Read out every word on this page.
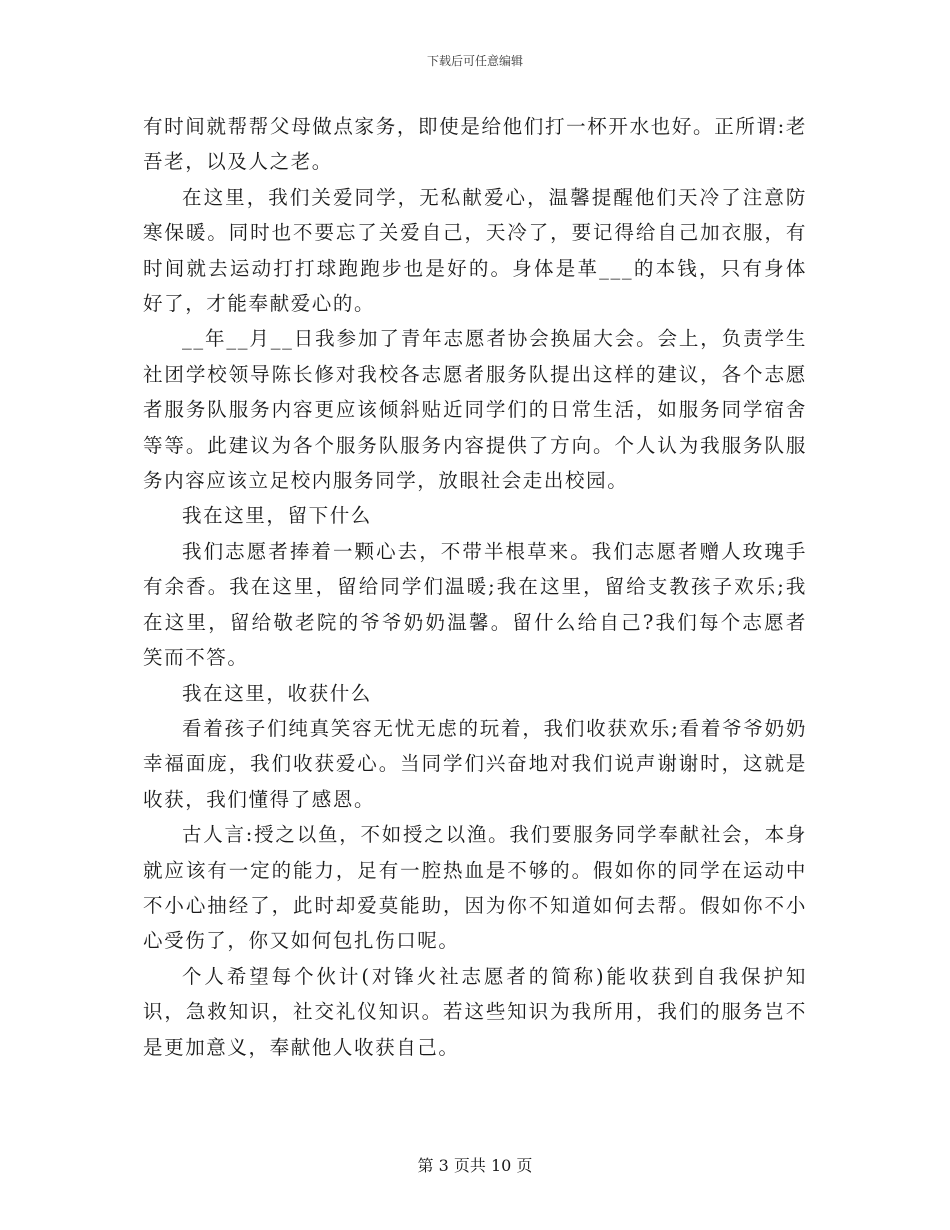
下载后可任意编辑

有时间就帮帮父母做点家务，即使是给他们打一杯开水也好。正所谓:老吾老，以及人之老。

在这里，我们关爱同学，无私献爱心，温馨提醒他们天冷了注意防寒保暖。同时也不要忘了关爱自己，天冷了，要记得给自己加衣服，有时间就去运动打打球跑跑步也是好的。身体是革___的本钱，只有身体好了，才能奉献爱心的。

__年__月__日我参加了青年志愿者协会换届大会。会上，负责学生社团学校领导陈长修对我校各志愿者服务队提出这样的建议，各个志愿者服务队服务内容更应该倾斜贴近同学们的日常生活，如服务同学宿舍等等。此建议为各个服务队服务内容提供了方向。个人认为我服务队服务内容应该立足校内服务同学，放眼社会走出校园。

我在这里，留下什么

我们志愿者捧着一颗心去，不带半根草来。我们志愿者赠人玫瑰手有余香。我在这里，留给同学们温暖;我在这里，留给支教孩子欢乐;我在这里，留给敬老院的爷爷奶奶温馨。留什么给自己?我们每个志愿者笑而不答。

我在这里，收获什么

看着孩子们纯真笑容无忧无虑的玩着，我们收获欢乐;看着爷爷奶奶幸福面庞，我们收获爱心。当同学们兴奋地对我们说声谢谢时，这就是收获，我们懂得了感恩。

古人言:授之以鱼，不如授之以渔。我们要服务同学奉献社会，本身就应该有一定的能力，足有一腔热血是不够的。假如你的同学在运动中不小心抽经了，此时却爱莫能助，因为你不知道如何去帮。假如你不小心受伤了，你又如何包扎伤口呢。

个人希望每个伙计(对锋火社志愿者的简称)能收获到自我保护知识，急救知识，社交礼仪知识。若这些知识为我所用，我们的服务岂不是更加意义，奉献他人收获自己。

第 3 页共 10 页
